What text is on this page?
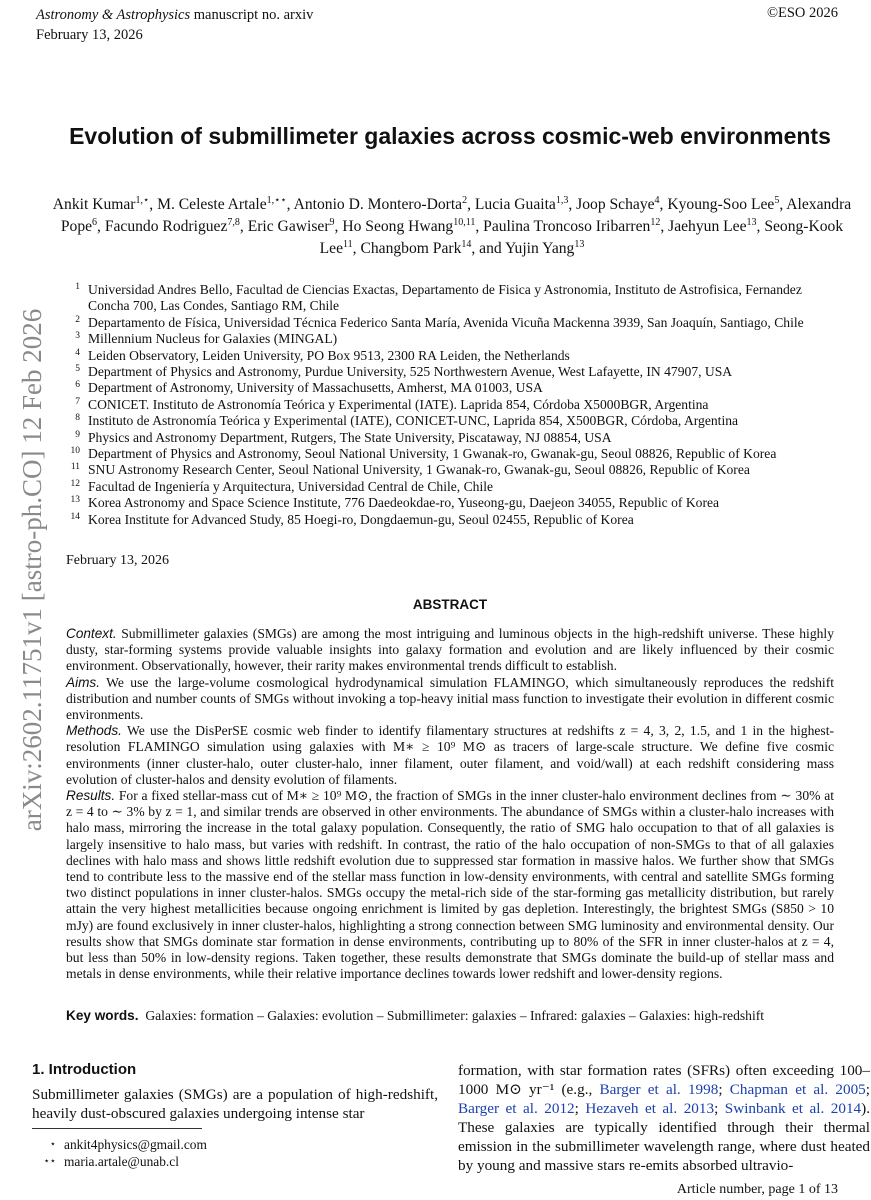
Astronomy & Astrophysics manuscript no. arxiv
February 13, 2026
©ESO 2026
arXiv:2602.11751v1 [astro-ph.CO] 12 Feb 2026
Evolution of submillimeter galaxies across cosmic-web environments
Ankit Kumar$^{1,⋆}$, M. Celeste Artale$^{1,⋆⋆}$, Antonio D. Montero-Dorta$^2$, Lucia Guaita$^{1,3}$, Joop Schaye$^4$, Kyoung-Soo Lee$^5$, Alexandra Pope$^6$, Facundo Rodriguez$^{7,8}$, Eric Gawiser$^9$, Ho Seong Hwang$^{10,11}$, Paulina Troncoso Iribarren$^{12}$, Jaehyun Lee$^{13}$, Seong-Kook Lee$^{11}$, Changbom Park$^{14}$, and Yujin Yang$^{13}$
1 Universidad Andres Bello, Facultad de Ciencias Exactas, Departamento de Fisica y Astronomia, Instituto de Astrofisica, Fernandez Concha 700, Las Condes, Santiago RM, Chile
2 Departamento de Física, Universidad Técnica Federico Santa María, Avenida Vicuña Mackenna 3939, San Joaquín, Santiago, Chile
3 Millennium Nucleus for Galaxies (MINGAL)
4 Leiden Observatory, Leiden University, PO Box 9513, 2300 RA Leiden, the Netherlands
5 Department of Physics and Astronomy, Purdue University, 525 Northwestern Avenue, West Lafayette, IN 47907, USA
6 Department of Astronomy, University of Massachusetts, Amherst, MA 01003, USA
7 CONICET. Instituto de Astronomía Teórica y Experimental (IATE). Laprida 854, Córdoba X5000BGR, Argentina
8 Instituto de Astronomía Teórica y Experimental (IATE), CONICET-UNC, Laprida 854, X500BGR, Córdoba, Argentina
9 Physics and Astronomy Department, Rutgers, The State University, Piscataway, NJ 08854, USA
10 Department of Physics and Astronomy, Seoul National University, 1 Gwanak-ro, Gwanak-gu, Seoul 08826, Republic of Korea
11 SNU Astronomy Research Center, Seoul National University, 1 Gwanak-ro, Gwanak-gu, Seoul 08826, Republic of Korea
12 Facultad de Ingeniería y Arquitectura, Universidad Central de Chile, Chile
13 Korea Astronomy and Space Science Institute, 776 Daedeokdae-ro, Yuseong-gu, Daejeon 34055, Republic of Korea
14 Korea Institute for Advanced Study, 85 Hoegi-ro, Dongdaemun-gu, Seoul 02455, Republic of Korea
February 13, 2026
ABSTRACT

Context. Submillimeter galaxies (SMGs) are among the most intriguing and luminous objects in the high-redshift universe. These highly dusty, star-forming systems provide valuable insights into galaxy formation and evolution and are likely influenced by their cosmic environment. Observationally, however, their rarity makes environmental trends difficult to establish.

Aims. We use the large-volume cosmological hydrodynamical simulation FLAMINGO, which simultaneously reproduces the redshift distribution and number counts of SMGs without invoking a top-heavy initial mass function to investigate their evolution in different cosmic environments.

Methods. We use the DisPerSE cosmic web finder to identify filamentary structures at redshifts z = 4, 3, 2, 1.5, and 1 in the highest-resolution FLAMINGO simulation using galaxies with M∗ ≥ 10⁹ M⊙ as tracers of large-scale structure. We define five cosmic environments (inner cluster-halo, outer cluster-halo, inner filament, outer filament, and void/wall) at each redshift considering mass evolution of cluster-halos and density evolution of filaments.

Results. For a fixed stellar-mass cut of M∗ ≥ 10⁹ M⊙, the fraction of SMGs in the inner cluster-halo environment declines from ∼ 30% at z = 4 to ∼ 3% by z = 1, and similar trends are observed in other environments. The abundance of SMGs within a cluster-halo increases with halo mass, mirroring the increase in the total galaxy population. Consequently, the ratio of SMG halo occupation to that of all galaxies is largely insensitive to halo mass, but varies with redshift. In contrast, the ratio of the halo occupation of non-SMGs to that of all galaxies declines with halo mass and shows little redshift evolution due to suppressed star formation in massive halos. We further show that SMGs tend to contribute less to the massive end of the stellar mass function in low-density environments, with central and satellite SMGs forming two distinct populations in inner cluster-halos. SMGs occupy the metal-rich side of the star-forming gas metallicity distribution, but rarely attain the very highest metallicities because ongoing enrichment is limited by gas depletion. Interestingly, the brightest SMGs (S850 > 10 mJy) are found exclusively in inner cluster-halos, highlighting a strong connection between SMG luminosity and environmental density. Our results show that SMGs dominate star formation in dense environments, contributing up to 80% of the SFR in inner cluster-halos at z = 4, but less than 50% in low-density regions. Taken together, these results demonstrate that SMGs dominate the build-up of stellar mass and metals in dense environments, while their relative importance declines towards lower redshift and lower-density regions.

Key words. Galaxies: formation – Galaxies: evolution – Submillimeter: galaxies – Infrared: galaxies – Galaxies: high-redshift
1. Introduction
Submillimeter galaxies (SMGs) are a population of high-redshift, heavily dust-obscured galaxies undergoing intense star
formation, with star formation rates (SFRs) often exceeding 100–1000 M⊙ yr⁻¹ (e.g., Barger et al. 1998; Chapman et al. 2005; Barger et al. 2012; Hezaveh et al. 2013; Swinbank et al. 2014). These galaxies are typically identified through their thermal emission in the submillimeter wavelength range, where dust heated by young and massive stars re-emits absorbed ultravio-
⋆ ankit4physics@gmail.com
⋆⋆ maria.artale@unab.cl
Article number, page 1 of 13
